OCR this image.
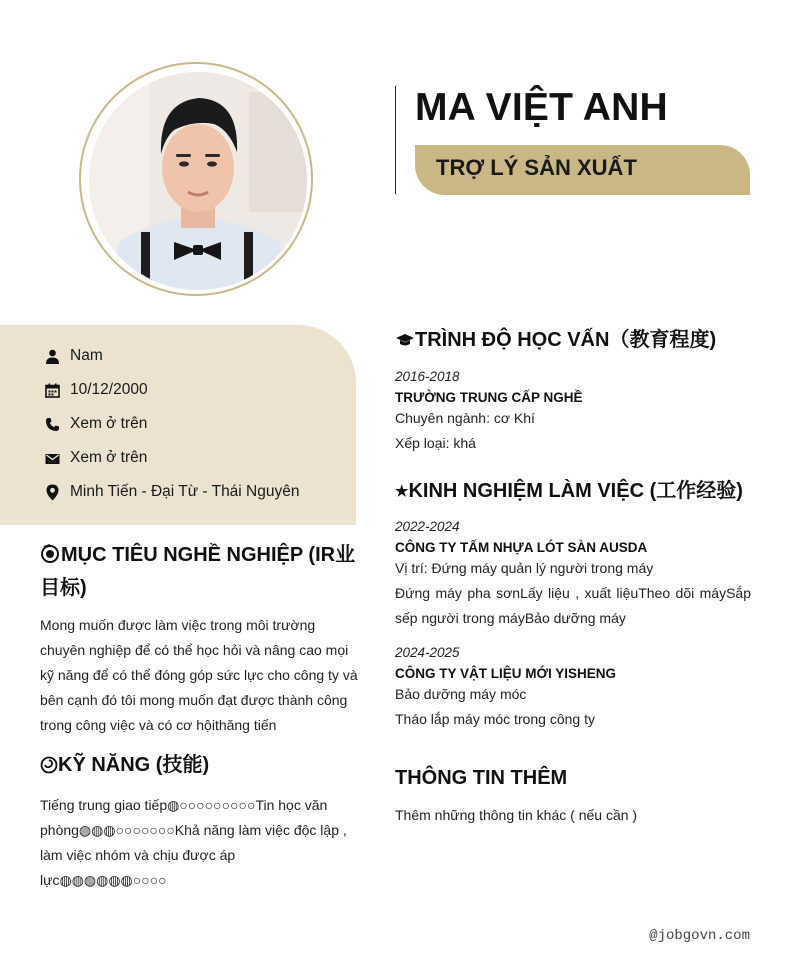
MA VIỆT ANH
TRỢ LÝ SẢN XUẤT
Nam
10/12/2000
Xem ở trên
Xem ở trên
Minh Tiến - Đại Từ - Thái Nguyên
MỤC TIÊU NGHỀ NGHIỆP (IR业
目标)
Mong muốn được làm việc trong môi trường chuyên nghiệp để có thể học hỏi và nâng cao mọi kỹ năng để có thể đóng góp sức lực cho công ty và bên cạnh đó tôi mong muốn đạt được thành công trong công việc và có cơ hộithăng tiến
KỸ NĂNG (技能)
Tiếng trung giao tiếp◍○○○○○○○○○Tin học văn
phòng◍◍◍○○○○○○○Khả năng làm việc độc lập ,
làm việc nhóm và chịu được áp
lực◍◍◍◍◍◍○○○○
TRÌNH ĐỘ HỌC VẤN（教育程度)
2016-2018
TRƯỜNG TRUNG CẤP NGHỀ
Chuyên ngành: cơ Khí
Xếp loại: khá
★KINH NGHIỆM LÀM VIỆC (工作经验)
2022-2024
CÔNG TY TẤM NHỰA LÓT SÀN AUSDA
Vị trí: Đứng máy quản lý người trong máy
Đứng máy pha sơnLấy liệu , xuất liệuTheo dõi máySắp sếp người trong máyBảo dưỡng máy
2024-2025
CÔNG TY VẬT LIỆU MỚI YISHENG
Bảo dưỡng máy móc
Tháo lắp máy móc trong công ty
THÔNG TIN THÊM
Thêm những thông tin khác ( nếu cần )
@jobgovn.com
